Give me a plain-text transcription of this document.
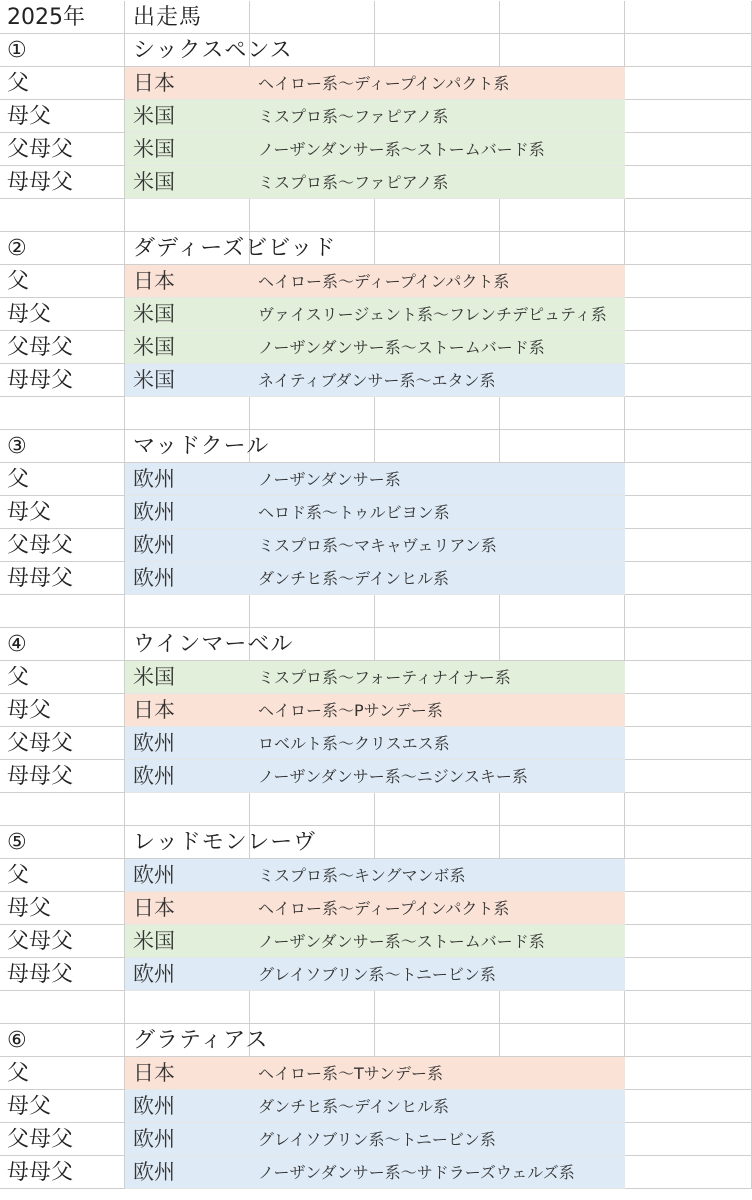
2025年 出走馬
①	シックスペンス
父	日本	ヘイロー系～ディープインパクト系
母父	米国	ミスプロ系～ファピアノ系
父母父	米国	ノーザンダンサー系～ストームバード系
母母父	米国	ミスプロ系～ファピアノ系
②	ダディーズビビッド
父	日本	ヘイロー系～ディープインパクト系
母父	米国	ヴァイスリージェント系～フレンチデピュティ系
父母父	米国	ノーザンダンサー系～ストームバード系
母母父	米国	ネイティブダンサー系～エタン系
③	マッドクール
父	欧州	ノーザンダンサー系
母父	欧州	ヘロド系～トゥルビヨン系
父母父	欧州	ミスプロ系～マキャヴェリアン系
母母父	欧州	ダンチヒ系～デインヒル系
④	ウインマーベル
父	米国	ミスプロ系～フォーティナイナー系
母父	日本	ヘイロー系～Pサンデー系
父母父	欧州	ロベルト系～クリスエス系
母母父	欧州	ノーザンダンサー系～ニジンスキー系
⑤	レッドモンレーヴ
父	欧州	ミスプロ系～キングマンボ系
母父	日本	ヘイロー系～ディープインパクト系
父母父	米国	ノーザンダンサー系～ストームバード系
母母父	欧州	グレイソブリン系～トニービン系
⑥	グラティアス
父	日本	ヘイロー系～Tサンデー系
母父	欧州	ダンチヒ系～デインヒル系
父母父	欧州	グレイソブリン系～トニービン系
母母父	欧州	ノーザンダンサー系～サドラーズウェルズ系
